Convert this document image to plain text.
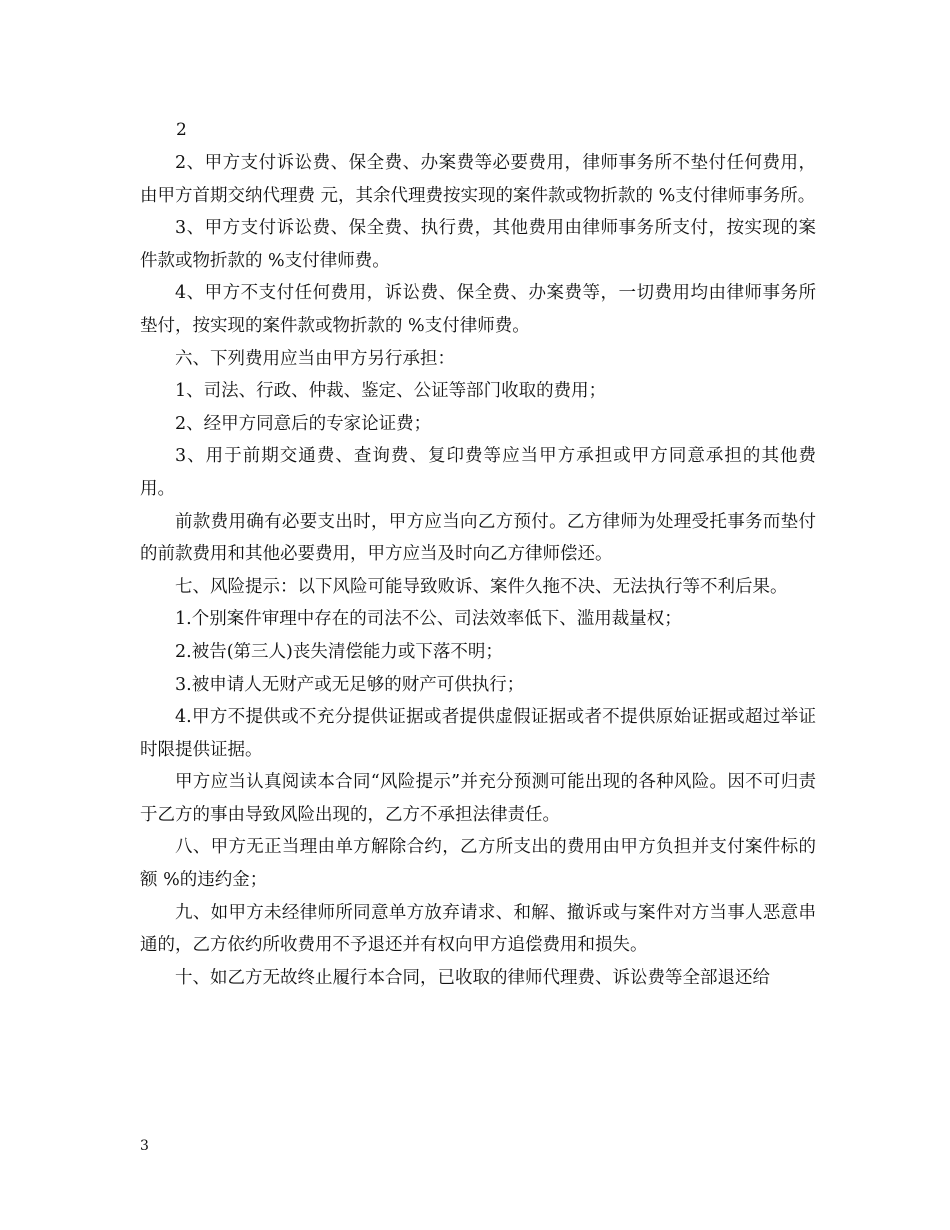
2

2、甲方支付诉讼费、保全费、办案费等必要费用，律师事务所不垫付任何费用，由甲方首期交纳代理费 元，其余代理费按实现的案件款或物折款的 %支付律师事务所。

3、甲方支付诉讼费、保全费、执行费，其他费用由律师事务所支付，按实现的案件款或物折款的 %支付律师费。

4、甲方不支付任何费用，诉讼费、保全费、办案费等，一切费用均由律师事务所垫付，按实现的案件款或物折款的 %支付律师费。

六、下列费用应当由甲方另行承担：

1、司法、行政、仲裁、鉴定、公证等部门收取的费用；

2、经甲方同意后的专家论证费；

3、用于前期交通费、查询费、复印费等应当甲方承担或甲方同意承担的其他费用。

前款费用确有必要支出时，甲方应当向乙方预付。乙方律师为处理受托事务而垫付的前款费用和其他必要费用，甲方应当及时向乙方律师偿还。

七、风险提示：以下风险可能导致败诉、案件久拖不决、无法执行等不利后果。

1.个别案件审理中存在的司法不公、司法效率低下、滥用裁量权；

2.被告(第三人)丧失清偿能力或下落不明；

3.被申请人无财产或无足够的财产可供执行；

4.甲方不提供或不充分提供证据或者提供虚假证据或者不提供原始证据或超过举证时限提供证据。

甲方应当认真阅读本合同“风险提示”并充分预测可能出现的各种风险。因不可归责于乙方的事由导致风险出现的，乙方不承担法律责任。

八、甲方无正当理由单方解除合约，乙方所支出的费用由甲方负担并支付案件标的额 %的违约金；

九、如甲方未经律师所同意单方放弃请求、和解、撤诉或与案件对方当事人恶意串通的，乙方依约所收费用不予退还并有权向甲方追偿费用和损失。

十、如乙方无故终止履行本合同，已收取的律师代理费、诉讼费等全部退还给

3
